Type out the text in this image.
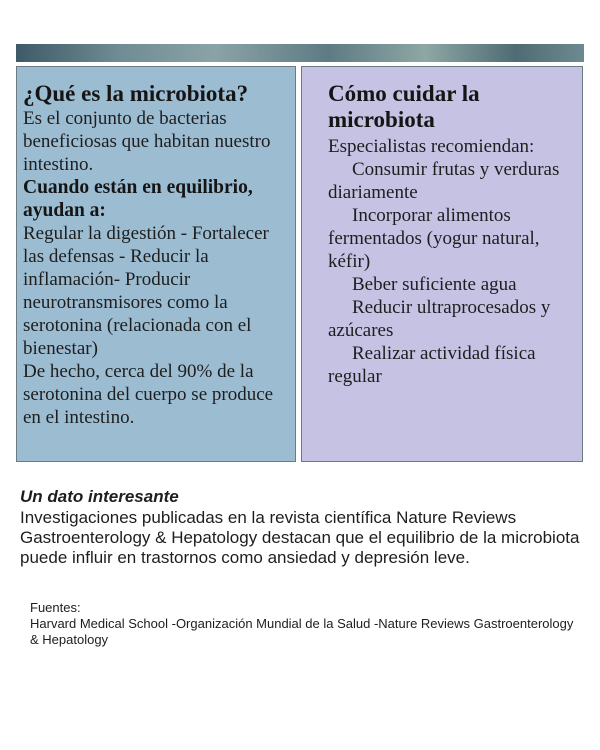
¿Qué es la microbiota?

Es el conjunto de bacterias beneficiosas que habitan nuestro intestino.

Cuando están en equilibrio, ayudan a:

Regular la digestión - Fortalecer las defensas - Reducir la inflamación- Producir neurotransmisores como la serotonina (relacionada con el bienestar)

De hecho, cerca del 90% de la serotonina del cuerpo se produce en el intestino.

Cómo cuidar la microbiota

Especialistas recomiendan:

Consumir frutas y verduras diariamente
Incorporar alimentos fermentados (yogur natural, kéfir)
Beber suficiente agua
Reducir ultraprocesados y azúcares
Realizar actividad física regular
Un dato interesante
Investigaciones publicadas en la revista científica Nature Reviews Gastroenterology & Hepatology destacan que el equilibrio de la microbiota puede influir en trastornos como ansiedad y depresión leve.
Fuentes:
Harvard Medical School -Organización Mundial de la Salud -Nature Reviews Gastroenterology & Hepatology
